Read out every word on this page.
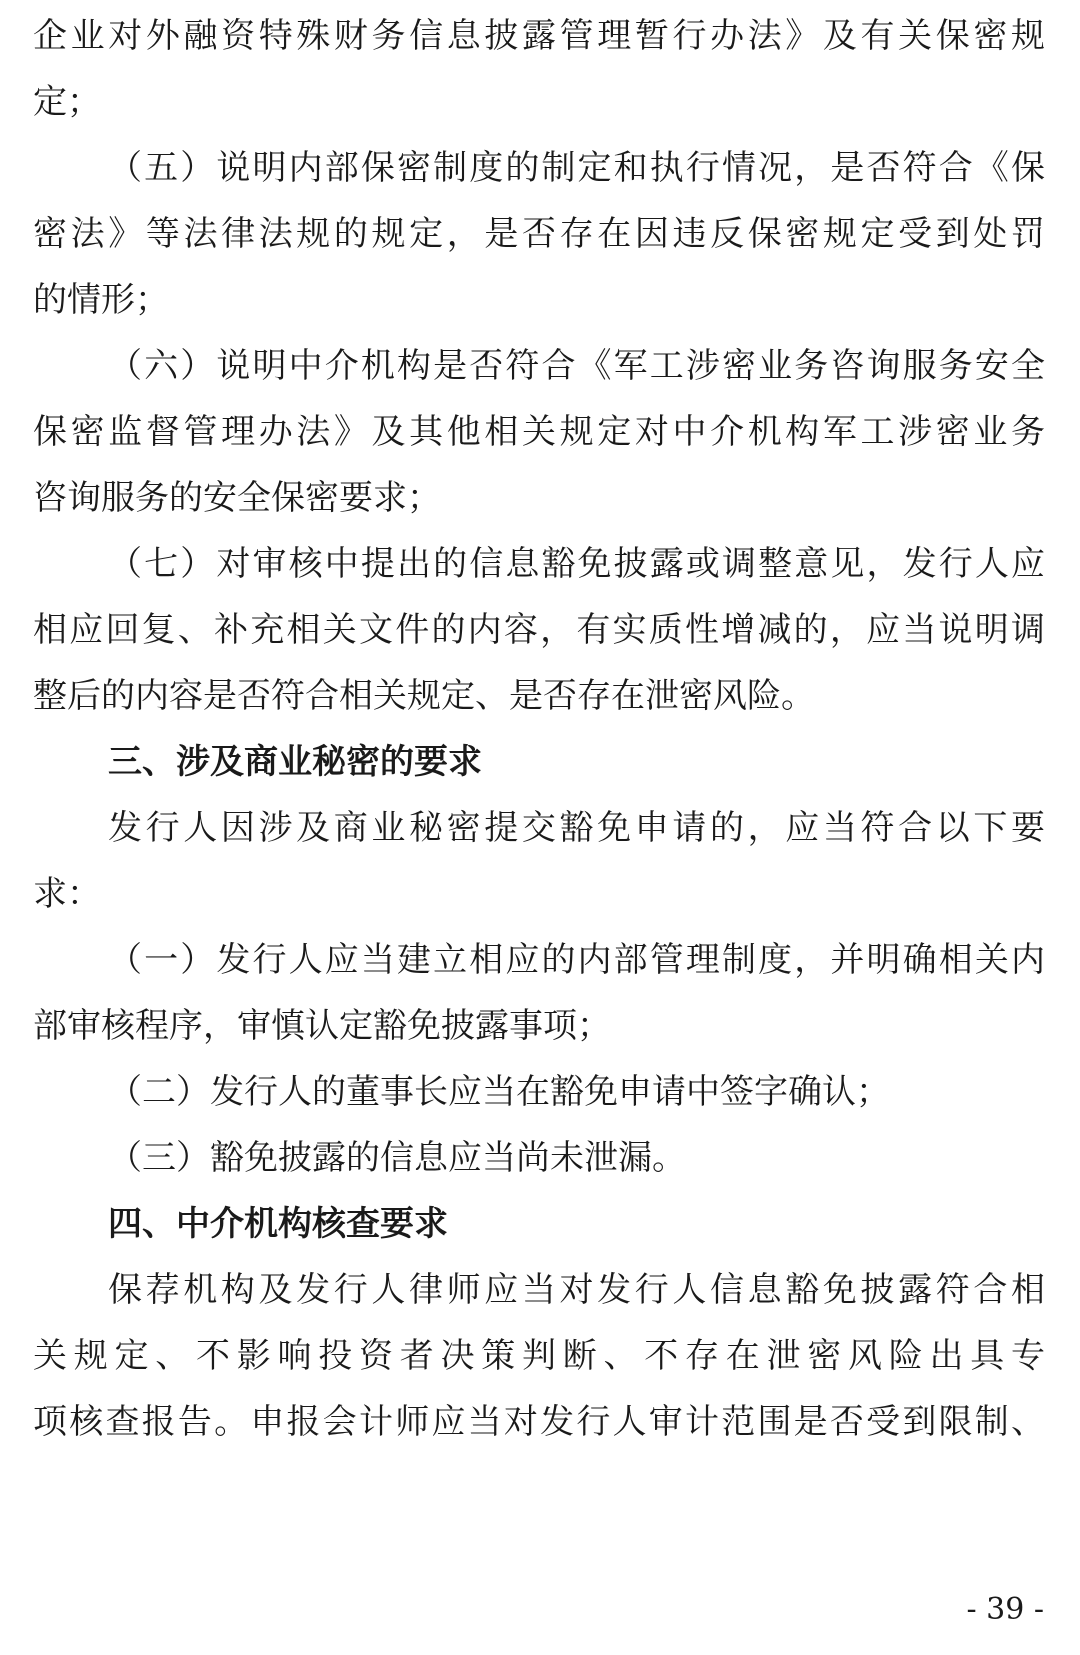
企业对外融资特殊财务信息披露管理暂行办法》及有关保密规
定；
（五）说明内部保密制度的制定和执行情况，是否符合《保
密法》等法律法规的规定，是否存在因违反保密规定受到处罚
的情形；
（六）说明中介机构是否符合《军工涉密业务咨询服务安全
保密监督管理办法》及其他相关规定对中介机构军工涉密业务
咨询服务的安全保密要求；
（七）对审核中提出的信息豁免披露或调整意见，发行人应
相应回复、补充相关文件的内容，有实质性增减的，应当说明调
整后的内容是否符合相关规定、是否存在泄密风险。
三、涉及商业秘密的要求
发行人因涉及商业秘密提交豁免申请的，应当符合以下要
求：
（一）发行人应当建立相应的内部管理制度，并明确相关内
部审核程序，审慎认定豁免披露事项；
（二）发行人的董事长应当在豁免申请中签字确认；
（三）豁免披露的信息应当尚未泄漏。
四、中介机构核查要求
保荐机构及发行人律师应当对发行人信息豁免披露符合相
关规定、不影响投资者决策判断、不存在泄密风险出具专
项核查报告。申报会计师应当对发行人审计范围是否受到限制、
- 39 -
